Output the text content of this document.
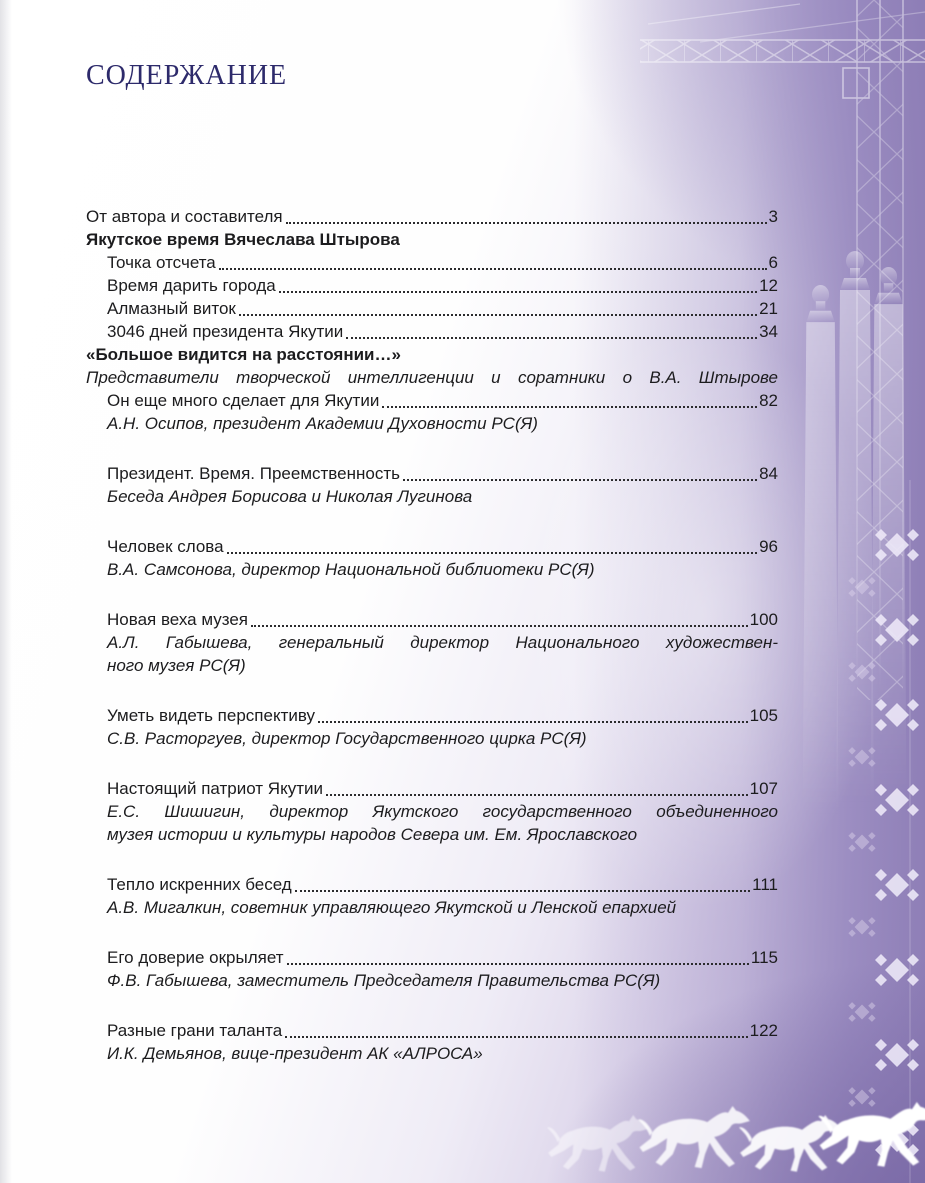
СОДЕРЖАНИЕ
От автора и составителя	3
Якутское время Вячеслава Штырова
Точка отсчета	6
Время дарить города	12
Алмазный виток	21
3046 дней президента Якутии	34
«Большое видится на расстоянии…»
Представители творческой интеллигенции и соратники о В.А. Штырове
Он еще много сделает для Якутии	82
А.Н. Осипов, президент Академии Духовности РС(Я)
Президент. Время. Преемственность	84
Беседа Андрея Борисова и Николая Лугинова
Человек слова	96
В.А. Самсонова, директор Национальной библиотеки РС(Я)
Новая веха музея	100
А.Л. Габышева, генеральный директор Национального художествен-
ного музея РС(Я)
Уметь видеть перспективу	105
С.В. Расторгуев, директор Государственного цирка РС(Я)
Настоящий патриот Якутии	107
Е.С. Шишигин, директор Якутского государственного объединенного
музея истории и культуры народов Севера им. Ем. Ярославского
Тепло искренних бесед	111
А.В. Мигалкин, советник управляющего Якутской и Ленской епархией
Его доверие окрыляет	115
Ф.В. Габышева, заместитель Председателя Правительства РС(Я)
Разные грани таланта	122
И.К. Демьянов, вице-президент АК «АЛРОСА»
